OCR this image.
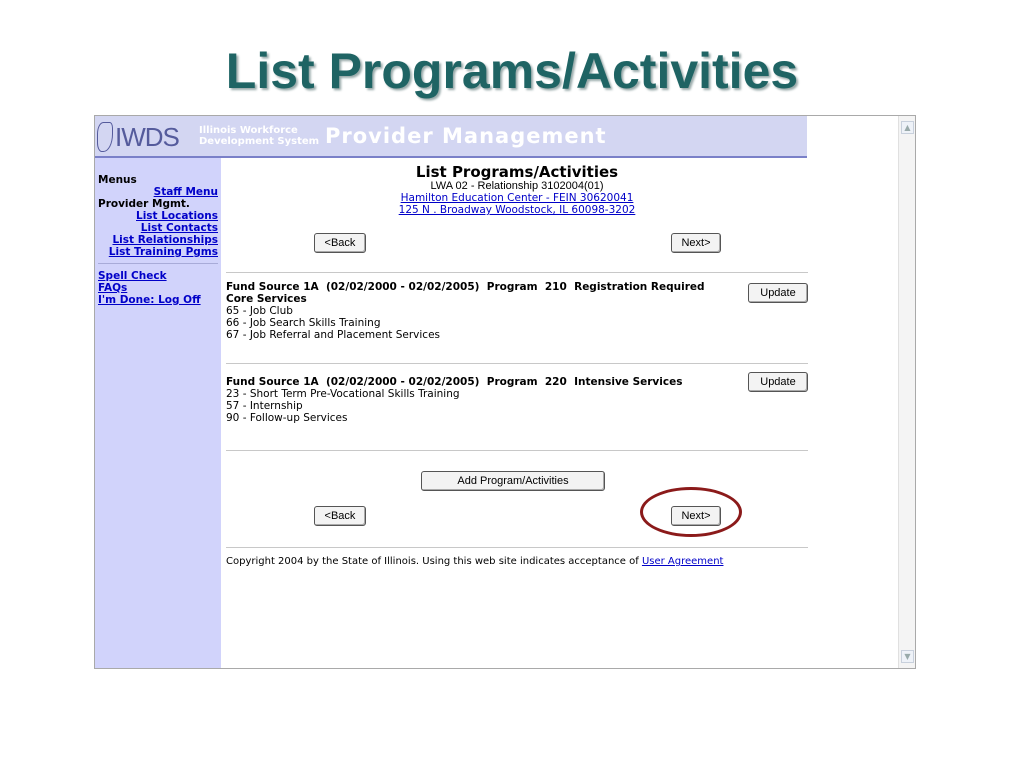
List Programs/Activities
IWDS Illinois Workforce
Development System Provider Management
Menus
Staff Menu
Provider Mgmt.
List Locations
List Contacts
List Relationships
List Training Pgms
Spell Check
FAQs
I'm Done: Log Off
List Programs/Activities
LWA 02 - Relationship 3102004(01)
Hamilton Education Center - FEIN 30620041
125 N . Broadway Woodstock, IL 60098-3202
<Back	Next>
Fund Source 1A  (02/02/2000 - 02/02/2005)  Program  210  Registration Required
Core Services
65 - Job Club
66 - Job Search Skills Training
67 - Job Referral and Placement Services
Update
Fund Source 1A  (02/02/2000 - 02/02/2005)  Program  220  Intensive Services
23 - Short Term Pre-Vocational Skills Training
57 - Internship
90 - Follow-up Services
Update
Add Program/Activities
<Back	Next>
Copyright 2004 by the State of Illinois. Using this web site indicates acceptance of User Agreement
▲
▼
